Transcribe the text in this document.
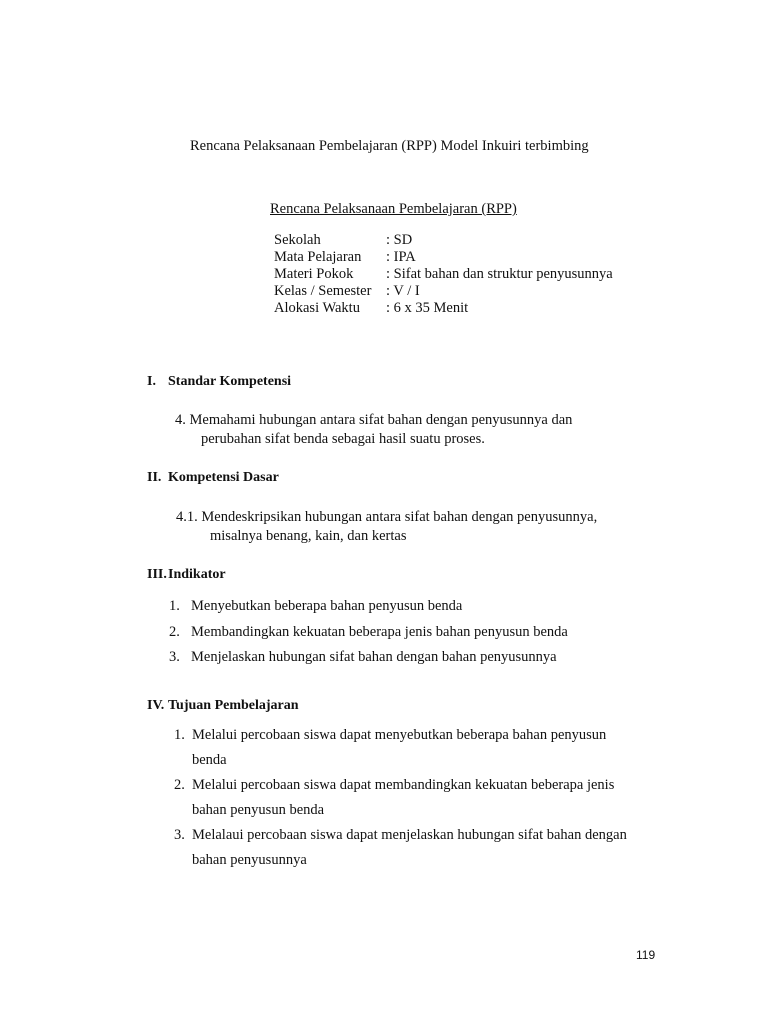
Rencana Pelaksanaan Pembelajaran (RPP) Model Inkuiri terbimbing
Rencana Pelaksanaan Pembelajaran (RPP)
Sekolah	: SD
Mata Pelajaran	: IPA
Materi Pokok	: Sifat bahan dan struktur penyusunnya
Kelas / Semester	: V / I
Alokasi Waktu	: 6 x 35 Menit
I. Standar Kompetensi
4. Memahami hubungan antara sifat bahan dengan penyusunnya dan
perubahan sifat benda sebagai hasil suatu proses.
II. Kompetensi Dasar
4.1. Mendeskripsikan hubungan antara sifat bahan dengan penyusunnya,
misalnya benang, kain, dan kertas
III.Indikator
1. Menyebutkan beberapa bahan penyusun benda
2. Membandingkan kekuatan beberapa jenis bahan penyusun benda
3. Menjelaskan hubungan sifat bahan dengan bahan penyusunnya
IV. Tujuan Pembelajaran
1. Melalui percobaan siswa dapat menyebutkan beberapa bahan penyusun
benda
2. Melalui percobaan siswa dapat membandingkan kekuatan beberapa jenis
bahan penyusun benda
3. Melalaui percobaan siswa dapat menjelaskan hubungan sifat bahan dengan
bahan penyusunnya
119
